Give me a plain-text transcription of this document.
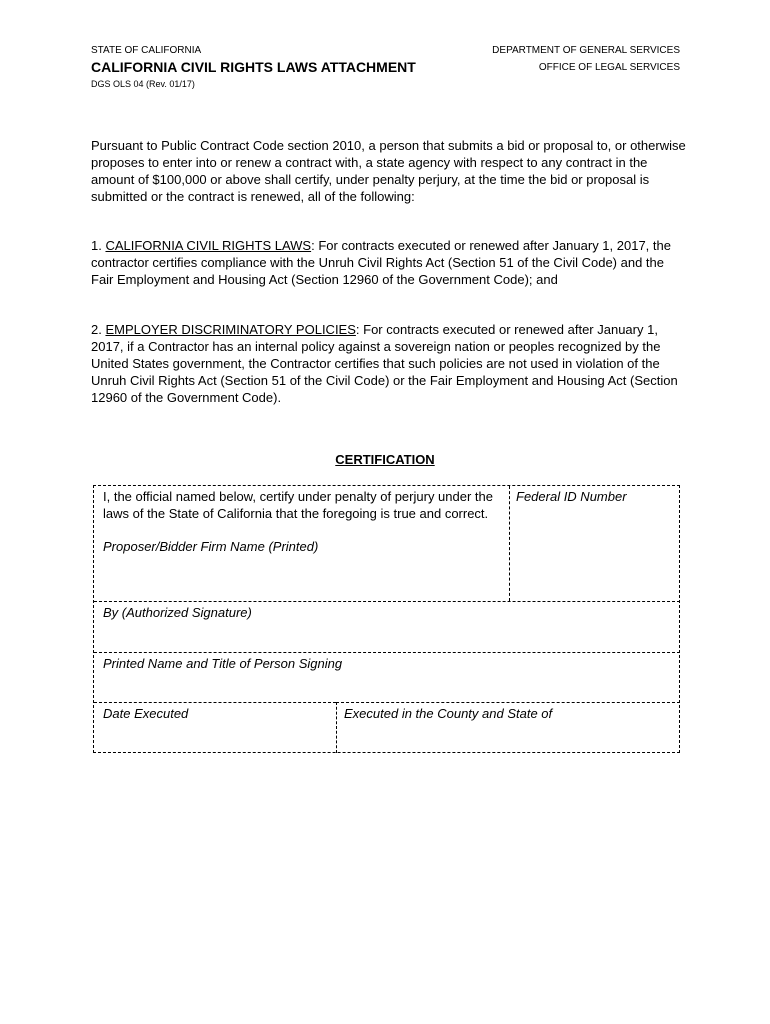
STATE OF CALIFORNIA
CALIFORNIA CIVIL RIGHTS LAWS ATTACHMENT
DGS OLS 04 (Rev. 01/17)
DEPARTMENT OF GENERAL SERVICES
OFFICE OF LEGAL SERVICES
Pursuant to Public Contract Code section 2010, a person that submits a bid or proposal to, or otherwise proposes to enter into or renew a contract with, a state agency with respect to any contract in the amount of $100,000 or above shall certify, under penalty perjury, at the time the bid or proposal is submitted or the contract is renewed, all of the following:
1. CALIFORNIA CIVIL RIGHTS LAWS: For contracts executed or renewed after January 1, 2017, the contractor certifies compliance with the Unruh Civil Rights Act (Section 51 of the Civil Code) and the Fair Employment and Housing Act (Section 12960 of the Government Code); and
2. EMPLOYER DISCRIMINATORY POLICIES: For contracts executed or renewed after January 1, 2017, if a Contractor has an internal policy against a sovereign nation or peoples recognized by the United States government, the Contractor certifies that such policies are not used in violation of the Unruh Civil Rights Act (Section 51 of the Civil Code) or the Fair Employment and Housing Act (Section 12960 of the Government Code).
CERTIFICATION
I, the official named below, certify under penalty of perjury under the laws of the State of California that the foregoing is true and correct.
Proposer/Bidder Firm Name (Printed)
Federal ID Number
By (Authorized Signature)
Printed Name and Title of Person Signing
Date Executed	Executed in the County and State of
